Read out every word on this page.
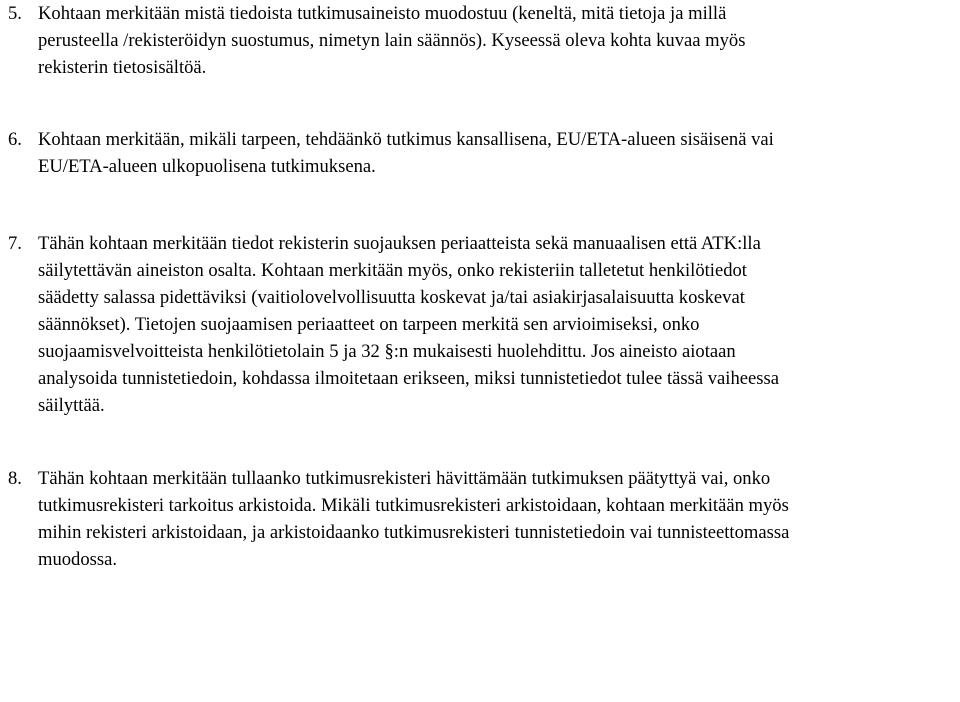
5. Kohtaan merkitään mistä tiedoista tutkimusaineisto muodostuu (keneltä, mitä tietoja ja millä
perusteella /rekisteröidyn suostumus, nimetyn lain säännös). Kyseessä oleva kohta kuvaa myös
rekisterin tietosisältöä.
6. Kohtaan merkitään, mikäli tarpeen, tehdäänkö tutkimus kansallisena, EU/ETA-alueen sisäisenä vai
EU/ETA-alueen ulkopuolisena tutkimuksena.
7. Tähän kohtaan merkitään tiedot rekisterin suojauksen periaatteista sekä manuaalisen että ATK:lla
säilytettävän aineiston osalta. Kohtaan merkitään myös, onko rekisteriin talletetut henkilötiedot
säädetty salassa pidettäviksi (vaitiolovelvollisuutta koskevat ja/tai asiakirjasalaisuutta koskevat
säännökset). Tietojen suojaamisen periaatteet on tarpeen merkitä sen arvioimiseksi, onko
suojaamisvelvoitteista henkilötietolain 5 ja 32 §:n mukaisesti huolehdittu. Jos aineisto aiotaan
analysoida tunnistetiedoin, kohdassa ilmoitetaan erikseen, miksi tunnistetiedot tulee tässä vaiheessa
säilyttää.
8. Tähän kohtaan merkitään tullaanko tutkimusrekisteri hävittämään tutkimuksen päätyttyä vai, onko
tutkimusrekisteri tarkoitus arkistoida. Mikäli tutkimusrekisteri arkistoidaan, kohtaan merkitään myös
mihin rekisteri arkistoidaan, ja arkistoidaanko tutkimusrekisteri tunnistetiedoin vai tunnisteettomassa
muodossa.
